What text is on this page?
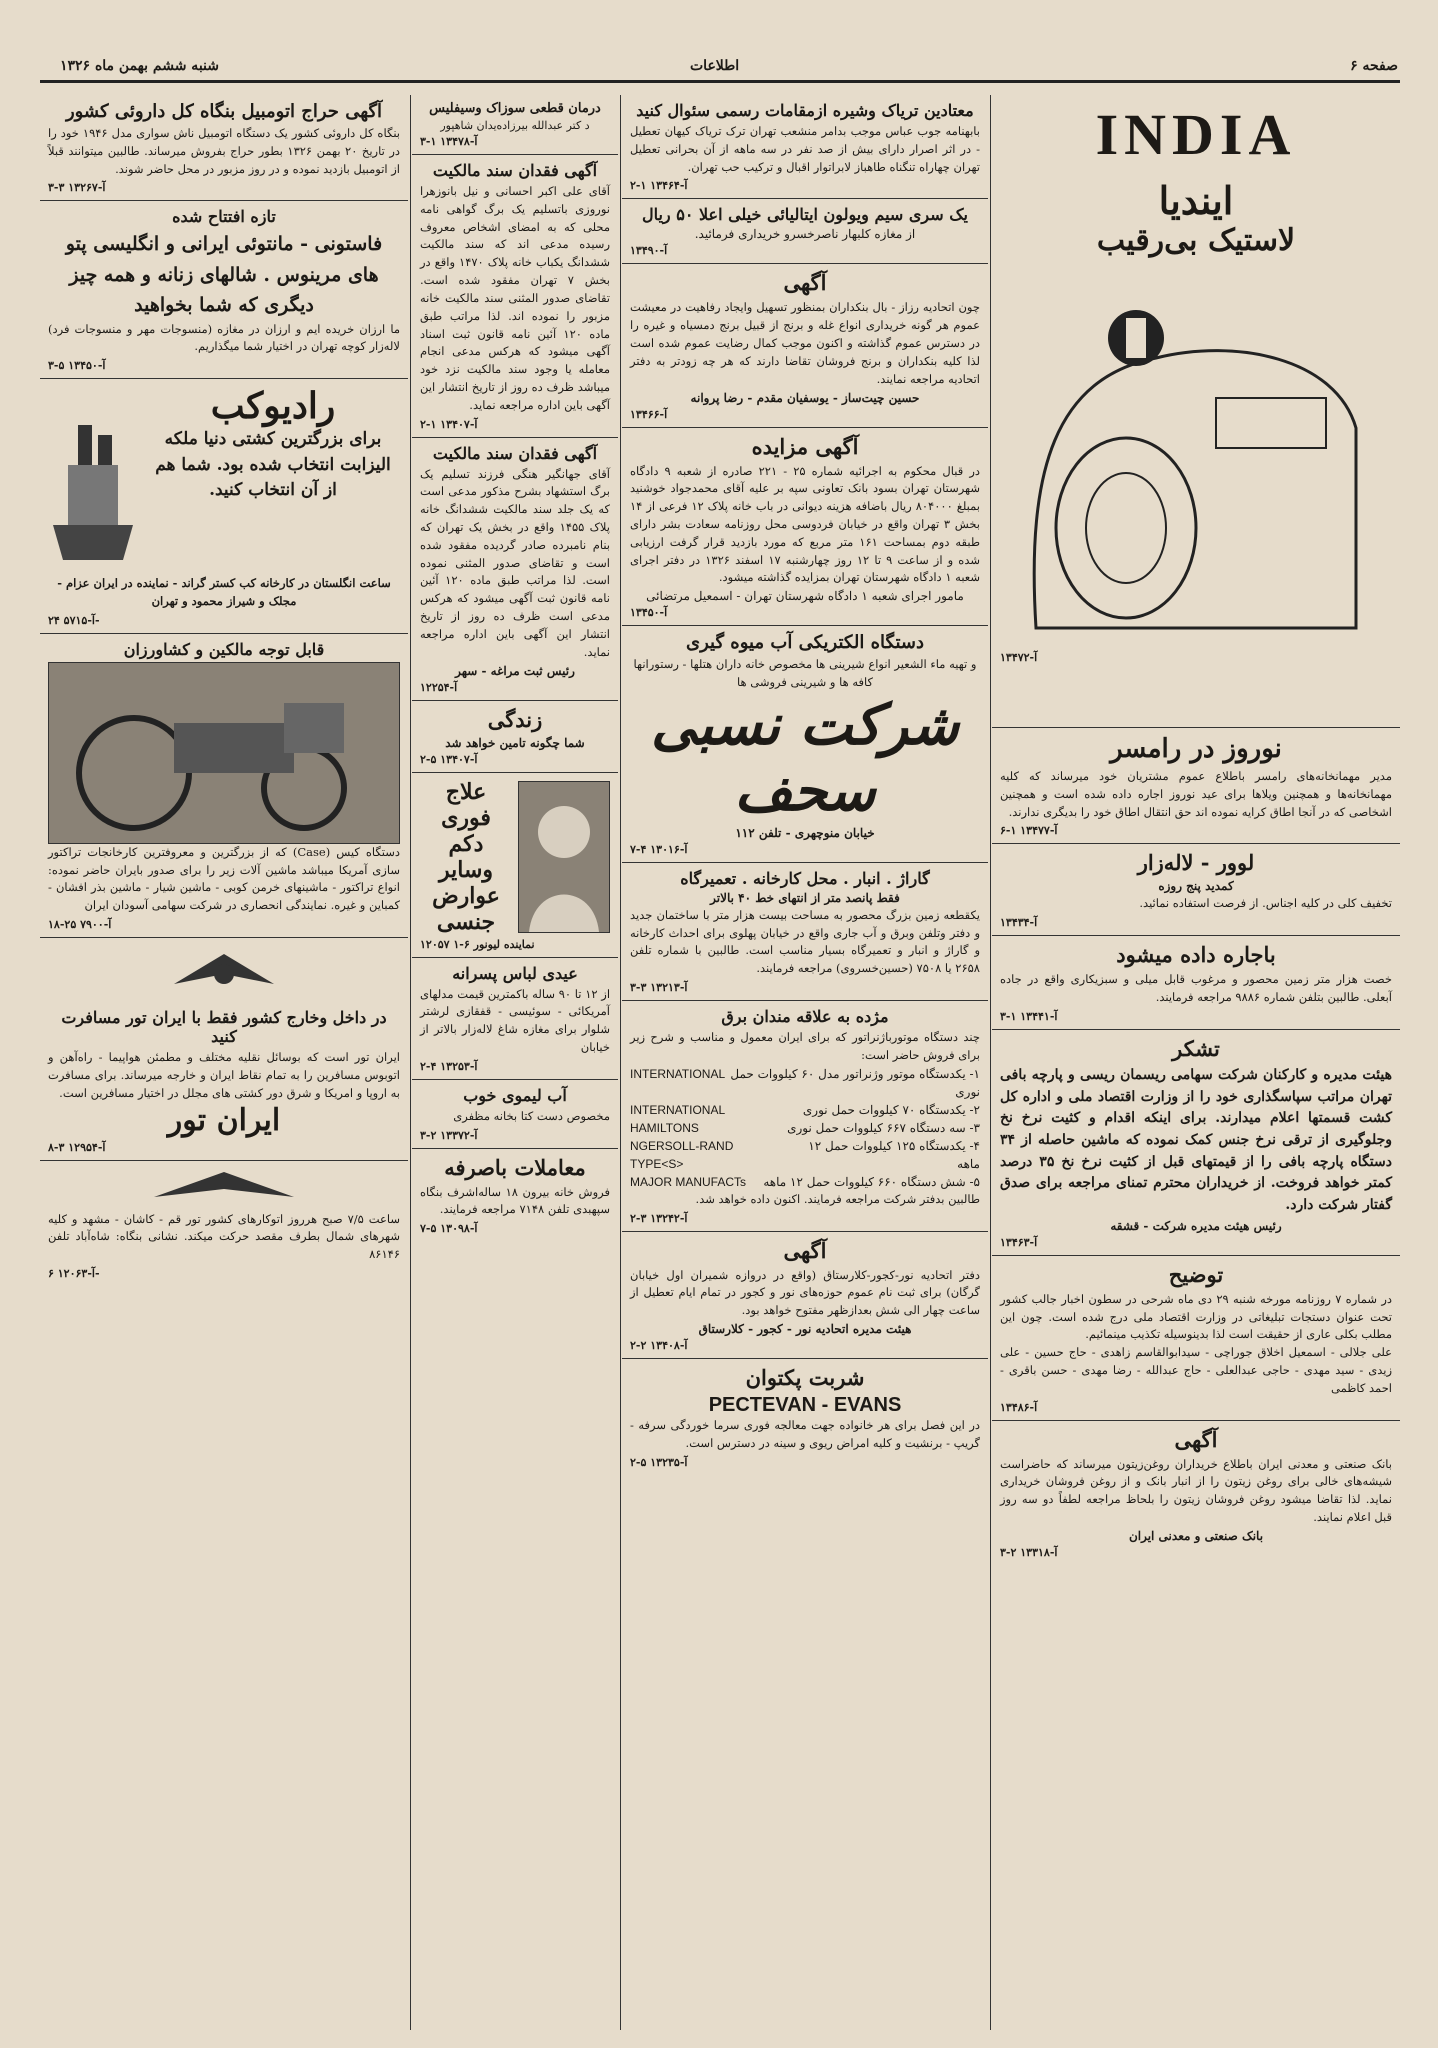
صفحه ۶
اطلاعات
شنبه ششم بهمن ماه ۱۳۲۶
INDIA
ایندیا
لاستیک بی‌رقیب
آ-۱۳۴۷۲
نوروز در رامسر

مدیر مهمانخانه‌های رامسر باطلاع عموم مشتریان خود میرساند که کلیه مهمانخانه‌ها و همچنین ویلاها برای عید نوروز اجاره داده شده است و همچنین اشخاصی که در آنجا اطاق کرایه نموده اند حق انتقال اطاق خود را بدیگری ندارند.

آ-۱۳۴۷۷ ۱-۶
لوور - لاله‌زار
کمدید پنج روزه

تخفیف کلی در کلیه اجناس. از فرصت استفاده نمائید.

آ-۱۳۴۳۴
باجاره داده میشود

خصت هزار متر زمین محصور و مرغوب قابل میلی و سبزیکاری واقع در جاده آبعلی. طالبین بتلفن شماره ۹۸۸۶ مراجعه فرمایند.

آ-۱۳۴۴۱ ۱-۳
تشکر

هیئت مدیره و کارکنان شرکت سهامی ریسمان ریسی و پارچه بافی تهران مراتب سپاسگذاری خود را از وزارت اقتصاد ملی و اداره کل کشت قسمتها اعلام میدارند. برای اینکه اقدام و کثیت نرخ نخ وجلوگیری از ترقی نرخ جنس کمک نموده که ماشین حاصله از ۳۴ دستگاه پارچه بافی را از قیمتهای قبل از کثیت نرخ نخ ۳۵ درصد کمتر خواهد فروخت. از خریداران محترم تمنای مراجعه برای صدق گفتار شرکت دارد.

رئیس هیئت مدیره شرکت - قشقه
آ-۱۳۴۶۳
توضیح

در شماره ۷ روزنامه مورخه شنبه ۲۹ دی ماه شرحی در سطون اخبار جالب کشور تحت عنوان دستجات تبلیغاتی در وزارت اقتصاد ملی درج شده است. چون این مطلب بکلی عاری از حقیقت است لذا بدینوسیله تکذیب مینمائیم.

علی جلالی - اسمعیل اخلاق جوراچی - سیدابوالقاسم زاهدی - حاج حسین - علی زیدی - سید مهدی - حاجی عبدالعلی - حاج عبدالله - رضا مهدی - حسن باقری - احمد کاظمی

آ-۱۳۴۸۶
آگهی

بانک صنعتی و معدنی ایران باطلاع خریداران روغن‌زیتون میرساند که حاضراست شیشه‌های خالی برای روغن زیتون را از انبار بانک و از روغن فروشان خریداری نماید. لذا تقاضا میشود روغن فروشان زیتون را بلحاظ مراجعه لطفاً دو سه روز قبل اعلام نمایند.

بانک صنعتی و معدنی ایران
آ-۱۳۳۱۸ ۲-۳
معتادین تریاک وشیره ازمقامات رسمی سئوال کنید

بابهنامه جوب عباس موجب بدامر منشعب تهران ترک تریاک کیهان تعطیل - در اثر اصرار دارای بیش از صد نفر در سه ماهه از آن بحرانی تعطیل تهران چهاراه تنگناه طاهباز لابراتوار اقبال و ترکیب حب تهران.

آ-۱۳۴۶۴ ۱-۲
یک سری سیم ویولون ایتالیائی خیلی اعلا ۵۰ ریال
از مغازه کلبهار ناصرخسرو خریداری فرمائید.
آ-۱۳۴۹۰
آگهی

چون اتحادیه رزاز - بال بنکداران بمنظور تسهیل وایجاد رفاهیت در معیشت عموم هر گونه خریداری انواع غله و برنج از قبیل برنج دمسیاه و غیره را در دسترس عموم گذاشته و اکنون موجب کمال رضایت عموم شده است لذا کلیه بنکداران و برنج فروشان تقاضا دارند که هر چه زودتر به دفتر اتحادیه مراجعه نمایند.

حسین چیت‌ساز - یوسفیان مقدم - رضا پروانه
آ-۱۳۴۶۶
آگهی مزایده

در قبال محکوم به اجرائیه شماره ۲۵ - ۲۲۱ صادره از شعبه ۹ دادگاه شهرستان تهران بسود بانک تعاونی سپه بر علیه آقای محمدجواد خوشنید بمبلغ ۸۰۴۰۰۰ ریال باضافه هزینه دیوانی در باب خانه پلاک ۱۲ فرعی از ۱۴ بخش ۳ تهران واقع در خیابان فردوسی محل روزنامه سعادت بشر دارای طبقه دوم بمساحت ۱۶۱ متر مربع که مورد بازدید قرار گرفت ارزیابی شده و از ساعت ۹ تا ۱۲ روز چهارشنبه ۱۷ اسفند ۱۳۲۶ در دفتر اجرای شعبه ۱ دادگاه شهرستان تهران بمزایده گذاشته میشود.

مامور اجرای شعبه ۱ دادگاه شهرستان تهران - اسمعیل مرتضائی
آ-۱۳۴۵۰
دستگاه الکتریکی آب میوه گیری

و تهیه ماء الشعیر انواع شیرینی ها مخصوص خانه داران هتلها - رستورانها کافه ها و شیرینی فروشی ها

شرکت نسبی سحف
خیابان منوچهری - تلفن ۱۱۲
آ-۱۳۰۱۶ ۴-۷
گاراژ . انبار . محل کارخانه . تعمیرگاه
فقط پانصد متر از انتهای خط ۴۰ بالاتر

یکقطعه زمین بزرگ محصور به مساحت بیست هزار متر با ساختمان جدید و دفتر وتلفن وبرق و آب جاری واقع در خیابان پهلوی برای احداث کارخانه و گاراژ و انبار و تعمیرگاه بسیار مناسب است. طالبین با شماره تلفن ۲۶۵۸ یا ۷۵۰۸ (حسین‌خسروی) مراجعه فرمایند.

آ-۱۳۲۱۳ ۳-۳
مژده به علاقه مندان برق

چند دستگاه موتورباژنراتور که برای ایران معمول و مناسب و شرح زیر برای فروش حاضر است:

INTERNATIONAL ۱- یکدستگاه موتور وژنراتور مدل ۶۰ کیلووات حمل نوری
INTERNATIONAL	۲- یکدستگاه ۷۰ کیلووات حمل نوری
HAMILTONS	۳- سه دستگاه ۶۶۷ کیلووات حمل نوری
NGERSOLL-RAND TYPE<S>
۴- یکدستگاه ۱۲۵ کیلووات حمل ۱۲ ماهه
MAJOR MANUFACTs ۵- شش دستگاه ۶۶۰ کیلووات حمل ۱۲ ماهه

طالبین بدفتر شرکت مراجعه فرمایند. اکنون داده خواهد شد.

آ-۱۳۲۴۲ ۳-۲
آگهی

دفتر اتحادیه نور-کجور-کلارستاق (واقع در دروازه شمیران اول خیابان گرگان) برای ثبت نام عموم حوزه‌های نور و کجور در تمام ایام تعطیل از ساعت چهار الی شش بعدازظهر مفتوح خواهد بود.

هیئت مدیره اتحادیه نور - کجور - کلارستاق
آ-۱۳۴۰۸ ۲-۲
شربت پکتوان
PECTEVAN - EVANS

در این فصل برای هر خانواده جهت معالجه فوری سرما خوردگی سرفه - گریپ - برنشیت و کلیه امراض ریوی و سینه در دسترس است.

آ-۱۳۲۳۵ ۵-۲
درمان قطعی سوزاک وسیفلیس
د کتر عبدالله بیرزاده‌یدان شاهپور
آ-۱۳۴۷۸ ۱-۳
آگهی فقدان سند مالکیت

آقای علی اکبر احسانی و نیل بانوزهرا نوروزی باتسلیم یک برگ گواهی نامه محلی که به امضای اشخاص معروف رسیده مدعی اند که سند مالکیت ششدانگ یکباب خانه پلاک ۱۴۷۰ واقع در بخش ۷ تهران مفقود شده است. تقاضای صدور المثنی سند مالکیت خانه مزبور را نموده اند. لذا مراتب طبق ماده ۱۲۰ آئین نامه قانون ثبت اسناد آگهی میشود که هرکس مدعی انجام معامله یا وجود سند مالکیت نزد خود میباشد ظرف ده روز از تاریخ انتشار این آگهی باین اداره مراجعه نماید.

آ-۱۳۴۰۷ ۱-۲
آگهی فقدان سند مالکیت

آقای جهانگیر هنگی فرزند تسلیم یک برگ استشهاد بشرح مذکور مدعی است که یک جلد سند مالکیت ششدانگ خانه پلاک ۱۴۵۵ واقع در بخش یک تهران که بنام نامبرده صادر گردیده مفقود شده است و تقاضای صدور المثنی نموده است. لذا مراتب طبق ماده ۱۲۰ آئین نامه قانون ثبت آگهی میشود که هرکس مدعی است ظرف ده روز از تاریخ انتشار این آگهی باین اداره مراجعه نماید.

رئیس ثبت مراغه - سهر
آ-۱۲۲۵۴
زندگی
شما چگونه تامین خواهد شد
آ-۱۳۴۰۷ ۵-۲
علاج فوری دکم وسایر عوارض جنسی
۱۲۰۵۷ نماینده لیونور ۶-۱
عیدی لباس پسرانه

از ۱۲ تا ۹۰ ساله باکمترین قیمت مدلهای آمریکائی - سوئیسی - قفقازی لرشتر شلوار برای مغازه شاغ لاله‌زار بالاتر از خیابان

آ-۱۳۲۵۳ ۴-۲
آب لیموی خوب

مخصوص دست کتا بخانه مظفری

آ-۱۳۳۷۲ ۲-۳
معاملات باصرفه

فروش خانه بیرون ۱۸ ساله‌اشرف بنگاه سپهبدی تلفن ۷۱۴۸ مراجعه فرمایند.

آ-۱۳۰۹۸ ۵-۷
آگهی حراج اتومبیل بنگاه کل دارو‌ئی کشور

بنگاه کل داروئی کشور یک دستگاه اتومبیل ناش سواری مدل ۱۹۴۶ خود را در تاریخ ۲۰ بهمن ۱۳۲۶ بطور حراج بفروش میرساند. طالبین میتوانند قبلاً از اتومبیل بازدید نموده و در روز مزبور در محل حاضر شوند.

آ-۱۳۲۶۷ ۳-۳
تازه افتتاح شده
فاستونی‌ - مانتوئی ایرانی و انگلیسی پتو های مرینوس . شالهای زنانه و همه چیز دیگری که شما بخواهید

ما ارزان خریده ایم و ارزان در مغازه (منسوجات مهر و منسوجات فرد) لاله‌زار کوچه تهران در اختیار شما میگذاریم.

آ-۱۳۴۵۰ ۵-۳
رادیوکب
برای بزرگترین کشتی دنیا ملکه الیزابت انتخاب شده بود. شما هم از آن انتخاب کنید.

ساعت انگلستان در کارخانه کب کستر گراند - نماینده در ایران عزام - مجلک و شیراز محمود و تهران

آ-۵۷۱۵ ۲۴-
قابل توجه مالکین و کشاورزان

دستگاه کیس (Case) که از بزرگترین و معروفترین کارخانجات تراکتور سازی آمریکا میباشد ماشین آلات زیر را برای صدور بایران حاضر نموده: انواع تراکتور - ماشینهای خرمن کوبی - ماشین شیار - ماشین بذر افشان - کمباین و غیره. نمایندگی انحصاری در شرکت سهامی آسودان ایران

آ-۷۹۰۰ ۲۵-۱۸
در داخل وخارج کشور فقط با ایران تور مسافرت کنید

ایران تور است که بوسائل نقلیه مختلف و مطمئن هواپیما - راه‌آهن و اتوبوس مسافرین را به تمام نقاط ایران و خارجه میرساند. برای مسافرت به اروپا و امریکا و شرق دور کشتی های مجلل در اختیار مسافرین است.

ایران تور
آ-۱۲۹۵۴ ۳-۸

ساعت ۷/۵ صبح هرروز اتوکارهای کشور تور قم - کاشان - مشهد و کلیه شهرهای شمال بطرف مقصد حرکت میکند. نشانی بنگاه: شاه‌آباد تلفن ۸۶۱۴۶

آ-۱۲۰۶۳ ۶-
